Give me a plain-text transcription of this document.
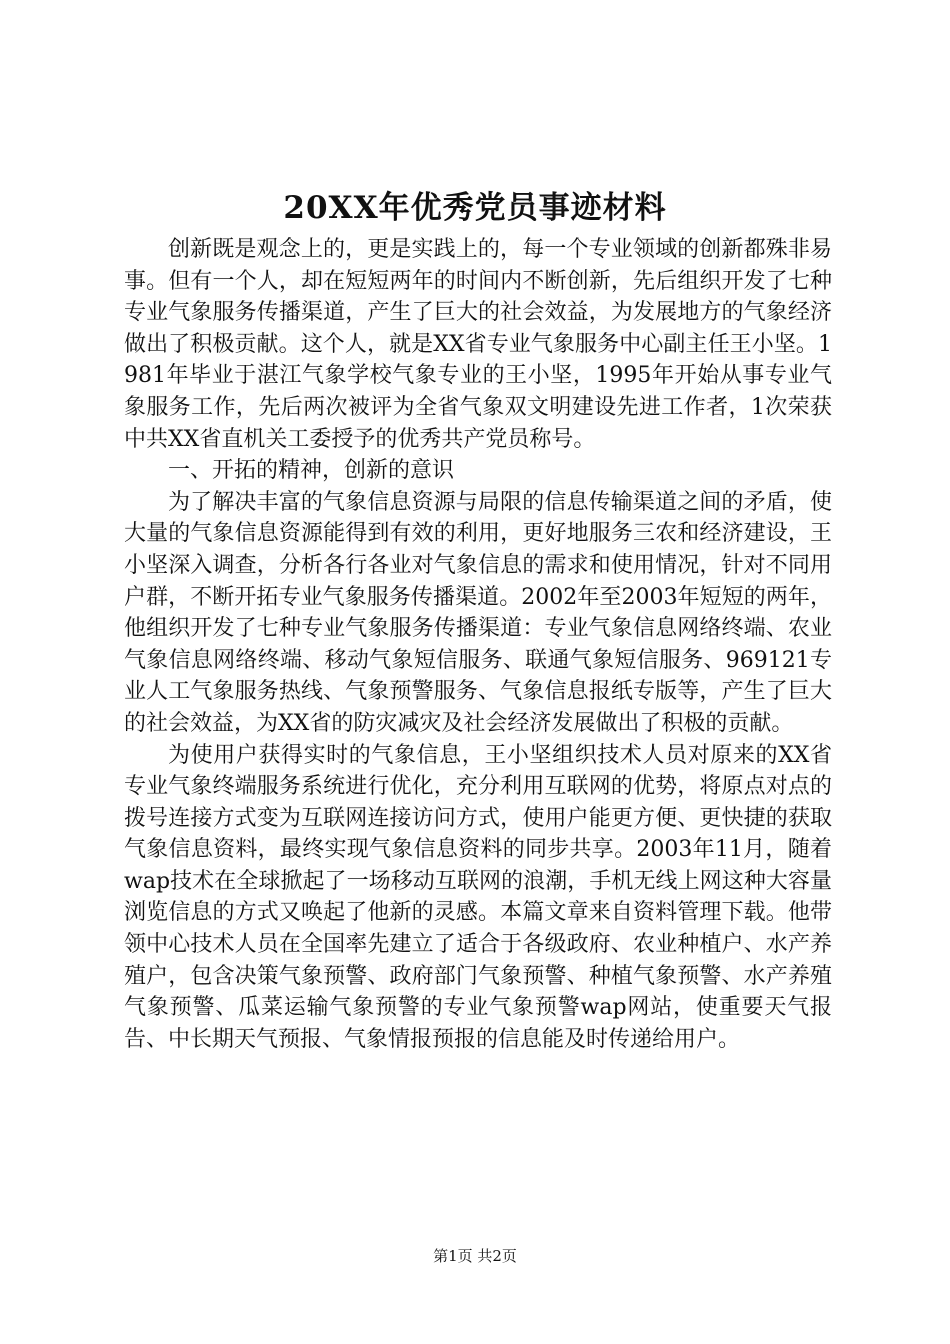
20XX年优秀党员事迹材料

创新既是观念上的，更是实践上的，每一个专业领域的创新都殊非易事。但有一个人，却在短短两年的时间内不断创新，先后组织开发了七种专业气象服务传播渠道，产生了巨大的社会效益，为发展地方的气象经济做出了积极贡献。这个人，就是XX省专业气象服务中心副主任王小坚。1981年毕业于湛江气象学校气象专业的王小坚，1995年开始从事专业气象服务工作，先后两次被评为全省气象双文明建设先进工作者，1次荣获中共XX省直机关工委授予的优秀共产党员称号。

一、开拓的精神，创新的意识

为了解决丰富的气象信息资源与局限的信息传输渠道之间的矛盾，使大量的气象信息资源能得到有效的利用，更好地服务三农和经济建设，王小坚深入调查，分析各行各业对气象信息的需求和使用情况，针对不同用户群，不断开拓专业气象服务传播渠道。2002年至2003年短短的两年，他组织开发了七种专业气象服务传播渠道：专业气象信息网络终端、农业气象信息网络终端、移动气象短信服务、联通气象短信服务、969121专业人工气象服务热线、气象预警服务、气象信息报纸专版等，产生了巨大的社会效益，为XX省的防灾减灾及社会经济发展做出了积极的贡献。

为使用户获得实时的气象信息，王小坚组织技术人员对原来的XX省专业气象终端服务系统进行优化，充分利用互联网的优势，将原点对点的拨号连接方式变为互联网连接访问方式，使用户能更方便、更快捷的获取气象信息资料，最终实现气象信息资料的同步共享。2003年11月，随着wap技术在全球掀起了一场移动互联网的浪潮，手机无线上网这种大容量浏览信息的方式又唤起了他新的灵感。本篇文章来自资料管理下载。他带领中心技术人员在全国率先建立了适合于各级政府、农业种植户、水产养殖户，包含决策气象预警、政府部门气象预警、种植气象预警、水产养殖气象预警、瓜菜运输气象预警的专业气象预警wap网站，使重要天气报告、中长期天气预报、气象情报预报的信息能及时传递给用户。

第1页 共2页
